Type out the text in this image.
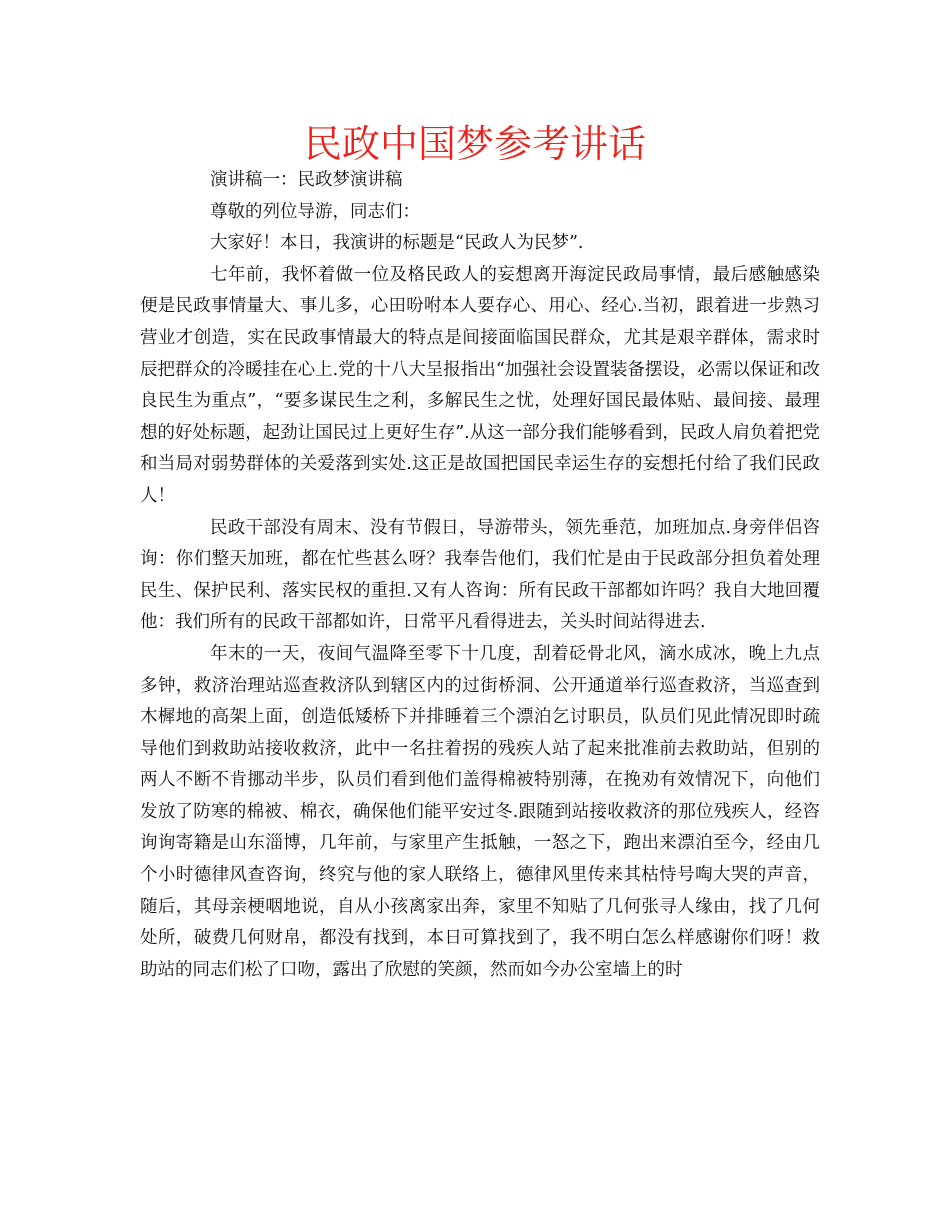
民政中国梦参考讲话

演讲稿一：民政梦演讲稿

尊敬的列位导游，同志们：

大家好！本日，我演讲的标题是“民政人为民梦”.

七年前，我怀着做一位及格民政人的妄想离开海淀民政局事情，最后感触感染便是民政事情量大、事儿多，心田吩咐本人要存心、用心、经心.当初，跟着进一步熟习营业才创造，实在民政事情最大的特点是间接面临国民群众，尤其是艰辛群体，需求时辰把群众的冷暖挂在心上.党的十八大呈报指出“加强社会设置装备摆设，必需以保证和改良民生为重点”，“要多谋民生之利，多解民生之忧，处理好国民最体贴、最间接、最理想的好处标题，起劲让国民过上更好生存”.从这一部分我们能够看到，民政人肩负着把党和当局对弱势群体的关爱落到实处.这正是故国把国民幸运生存的妄想托付给了我们民政人！

民政干部没有周末、没有节假日，导游带头，领先垂范，加班加点.身旁伴侣咨询：你们整天加班，都在忙些甚么呀？我奉告他们，我们忙是由于民政部分担负着处理民生、保护民利、落实民权的重担.又有人咨询：所有民政干部都如许吗？我自大地回覆他：我们所有的民政干部都如许，日常平凡看得进去，关头时间站得进去.

年末的一天，夜间气温降至零下十几度，刮着砭骨北风，滴水成冰，晚上九点多钟，救济治理站巡查救济队到辖区内的过街桥洞、公开通道举行巡查救济，当巡查到木樨地的高架上面，创造低矮桥下并排睡着三个漂泊乞讨职员，队员们见此情况即时疏导他们到救助站接收救济，此中一名拄着拐的残疾人站了起来批准前去救助站，但别的两人不断不肯挪动半步，队员们看到他们盖得棉被特别薄，在挽劝有效情况下，向他们发放了防寒的棉被、棉衣，确保他们能平安过冬.跟随到站接收救济的那位残疾人，经咨询询寄籍是山东淄博，几年前，与家里产生抵触，一怒之下，跑出来漂泊至今，经由几个小时德律风查咨询，终究与他的家人联络上，德律风里传来其枯恃号啕大哭的声音，随后，其母亲梗咽地说，自从小孩离家出奔，家里不知贴了几何张寻人缘由，找了几何处所，破费几何财帛，都没有找到，本日可算找到了，我不明白怎么样感谢你们呀！救助站的同志们松了口吻，露出了欣慰的笑颜，然而如今办公室墙上的时
